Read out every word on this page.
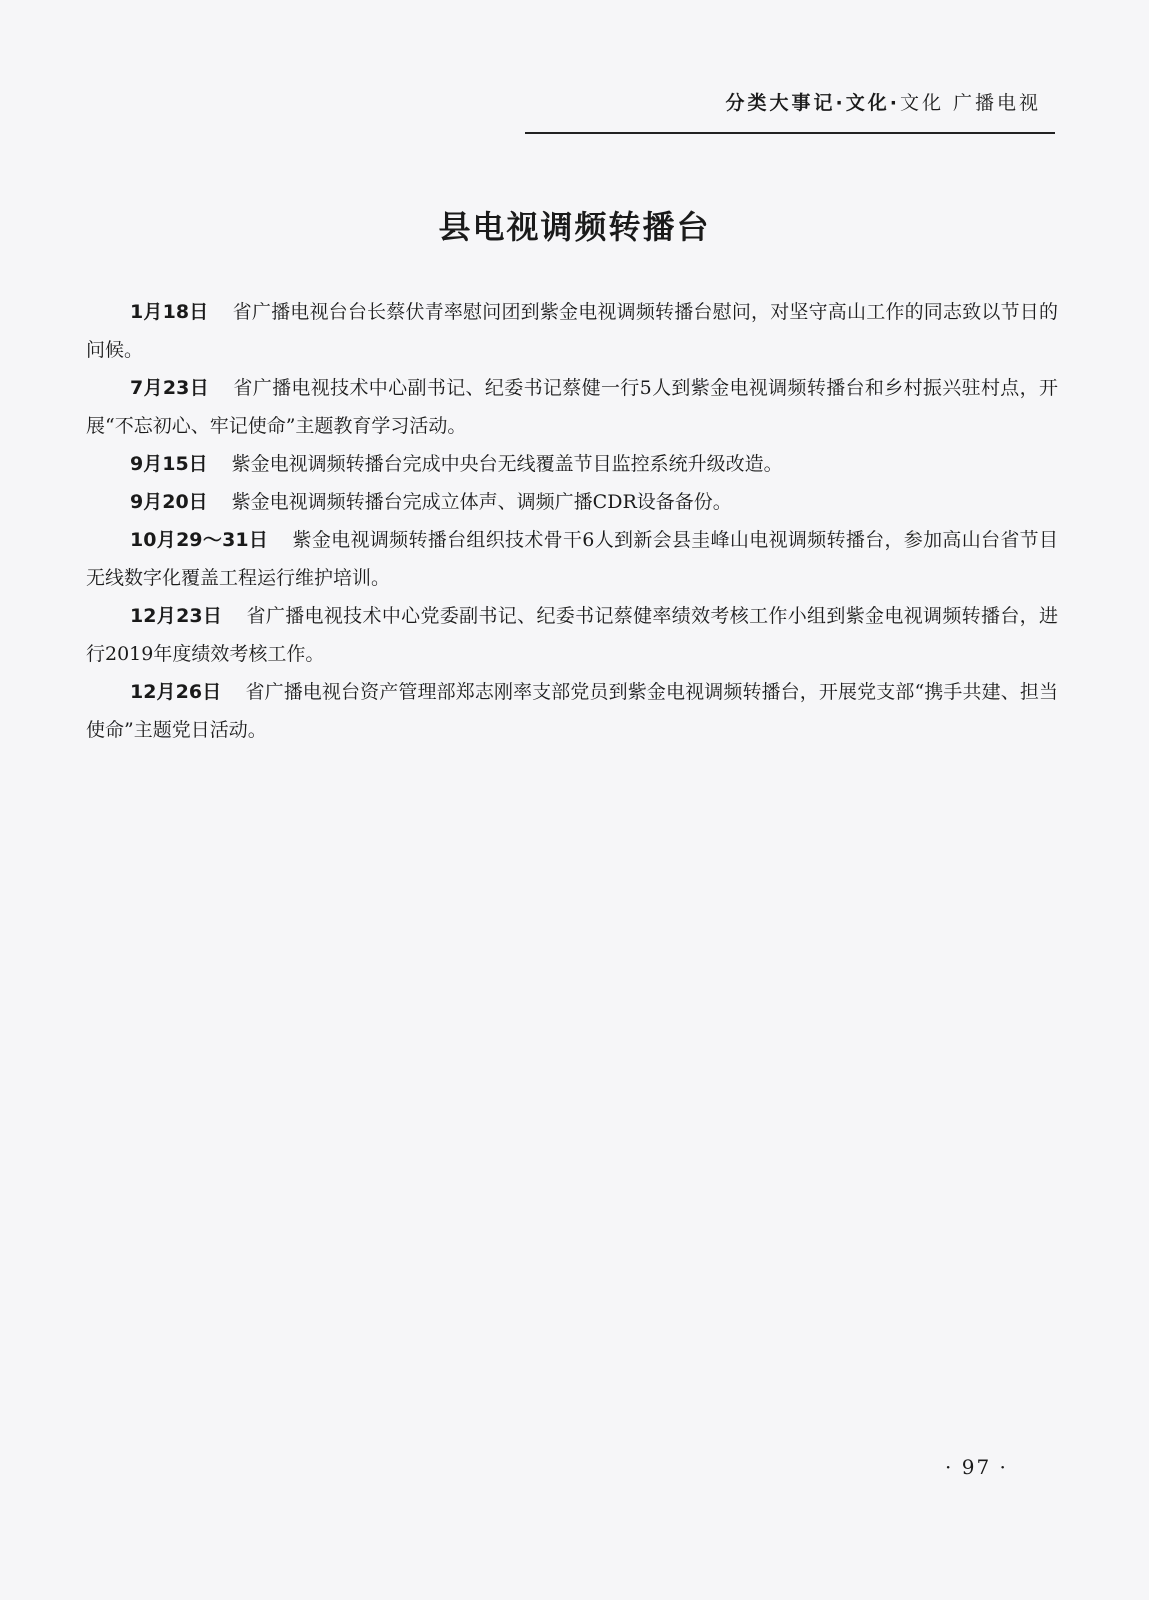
分类大事记·文化·文化 广播电视
县电视调频转播台

1月18日 省广播电视台台长蔡伏青率慰问团到紫金电视调频转播台慰问，对坚守高山工作的同志致以节日的问候。

7月23日 省广播电视技术中心副书记、纪委书记蔡健一行5人到紫金电视调频转播台和乡村振兴驻村点，开展“不忘初心、牢记使命”主题教育学习活动。

9月15日 紫金电视调频转播台完成中央台无线覆盖节目监控系统升级改造。

9月20日 紫金电视调频转播台完成立体声、调频广播CDR设备备份。

10月29～31日 紫金电视调频转播台组织技术骨干6人到新会县圭峰山电视调频转播台，参加高山台省节目无线数字化覆盖工程运行维护培训。

12月23日 省广播电视技术中心党委副书记、纪委书记蔡健率绩效考核工作小组到紫金电视调频转播台，进行2019年度绩效考核工作。

12月26日 省广播电视台资产管理部郑志刚率支部党员到紫金电视调频转播台，开展党支部“携手共建、担当使命”主题党日活动。

· 97 ·
